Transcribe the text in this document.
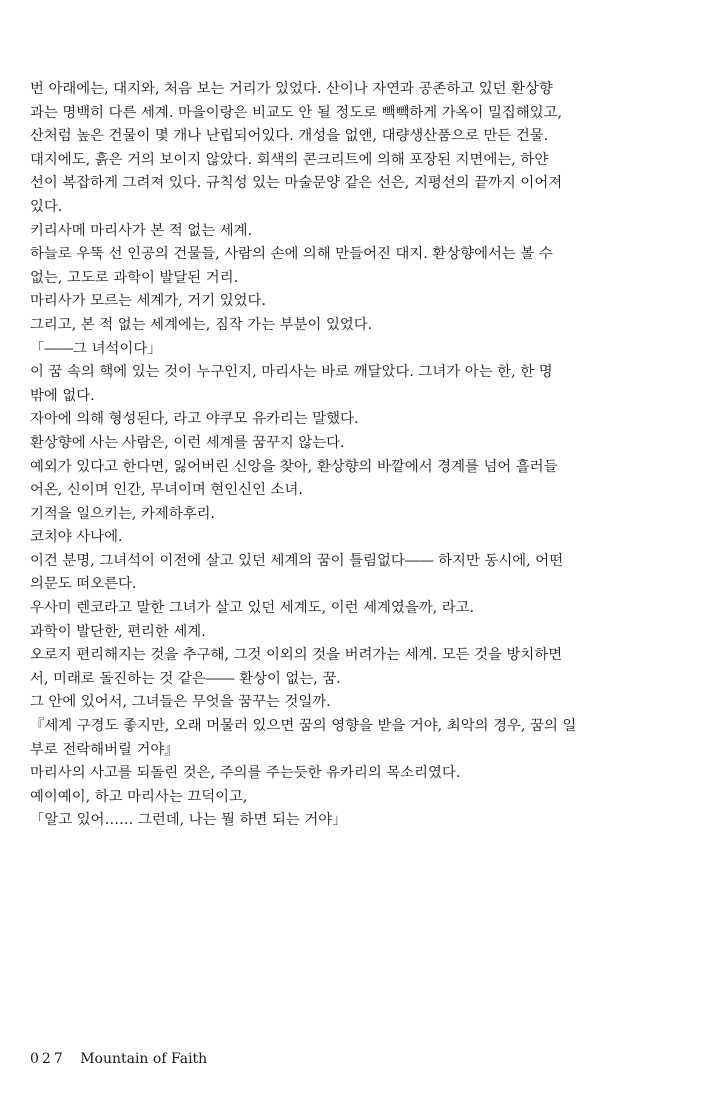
번 아래에는, 대지와, 처음 보는 거리가 있었다. 산이나 자연과 공존하고 있던 환상향
과는 명백히 다른 세계. 마을이랑은 비교도 안 될 정도로 빽빽하게 가옥이 밀집해있고,
산처럼 높은 건물이 몇 개나 난립되어있다. 개성을 없앤, 대량생산품으로 만든 건물.
대지에도, 흙은 거의 보이지 않았다. 회색의 콘크리트에 의해 포장된 지면에는, 하얀
선이 복잡하게 그려져 있다. 규칙성 있는 마술문양 같은 선은, 지평선의 끝까지 이어져
있다.
키리사메 마리사가 본 적 없는 세계.
하늘로 우뚝 선 인공의 건물들, 사람의 손에 의해 만들어진 대지. 환상향에서는 볼 수
없는, 고도로 과학이 발달된 거리.
마리사가 모르는 세계가, 거기 있었다.
그리고, 본 적 없는 세계에는, 짐작 가는 부분이 있었다.
「――그 녀석이다」
이 꿈 속의 핵에 있는 것이 누구인지, 마리사는 바로 깨달았다. 그녀가 아는 한, 한 명
밖에 없다.
자아에 의해 형성된다, 라고 야쿠모 유카리는 말했다.
환상향에 사는 사람은, 이런 세계를 꿈꾸지 않는다.
예외가 있다고 한다면, 잃어버린 신앙을 찾아, 환상향의 바깥에서 경계를 넘어 흘러들
어온, 신이며 인간, 무녀이며 현인신인 소녀.
기적을 일으키는, 카제하후리.
코치야 사나에.
이건 분명, 그녀석이 이전에 살고 있던 세계의 꿈이 틀림없다―― 하지만 동시에, 어떤
의문도 떠오른다.
우사미 렌코라고 말한 그녀가 살고 있던 세계도, 이런 세계였을까, 라고.
과학이 발단한, 편리한 세계.
오로지 편리해지는 것을 추구해, 그것 이외의 것을 버려가는 세계. 모든 것을 방치하면
서, 미래로 돌진하는 것 같은―― 환상이 없는, 꿈.
그 안에 있어서, 그녀들은 무엇을 꿈꾸는 것일까.
『세계 구경도 좋지만, 오래 머물러 있으면 꿈의 영향을 받을 거야, 최악의 경우, 꿈의 일
부로 전락해버릴 거야』
마리사의 사고를 되돌린 것은, 주의를 주는듯한 유카리의 목소리였다.
예이예이, 하고 마리사는 끄덕이고,
「알고 있어…… 그런데, 나는 뭘 하면 되는 거야」
027 Mountain of Faith
